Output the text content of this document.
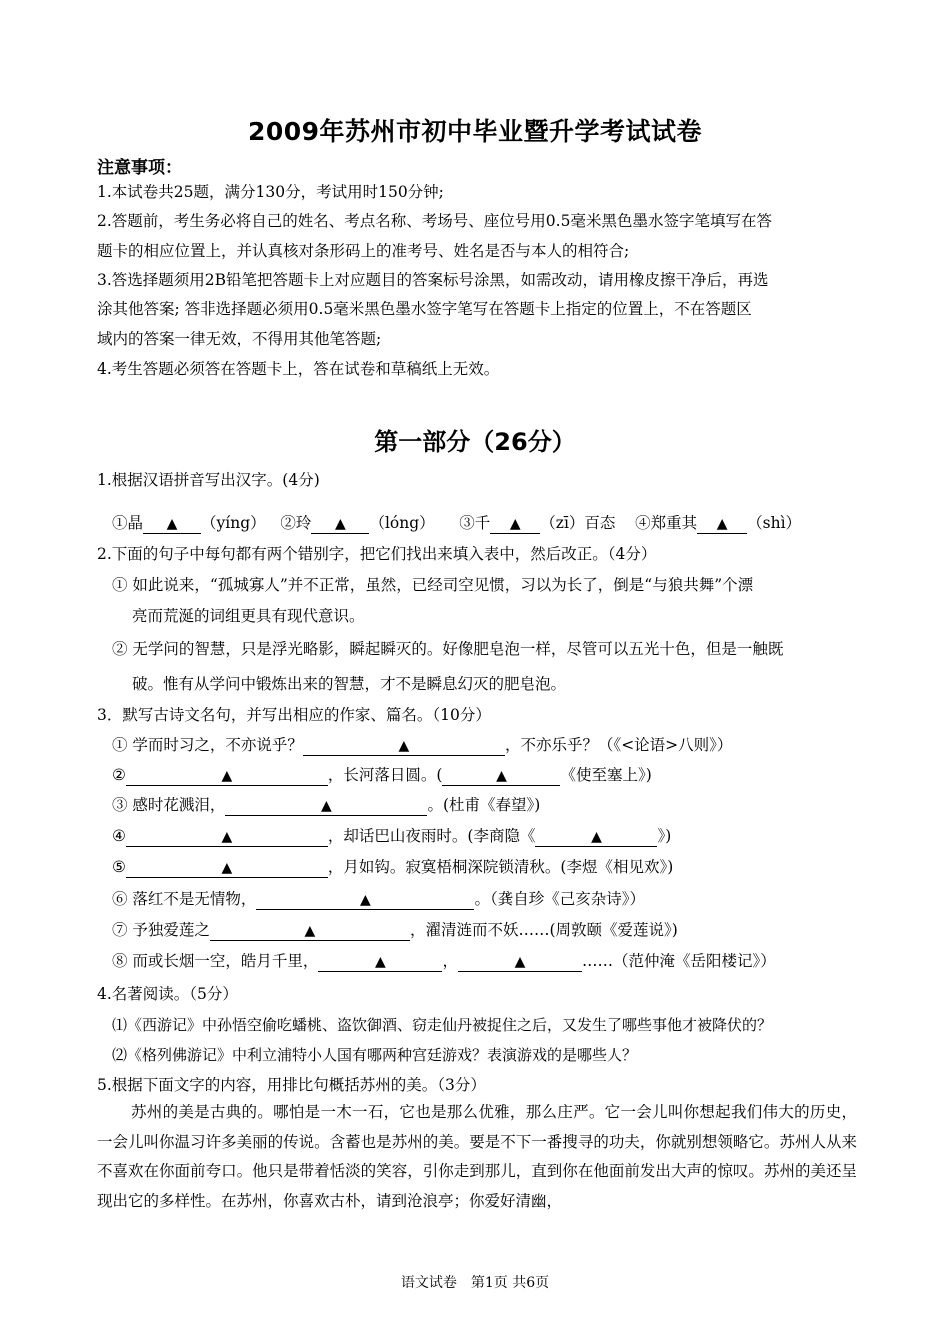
2009年苏州市初中毕业暨升学考试试卷
注意事项：
1.本试卷共25题，满分130分，考试用时150分钟;
2.答题前，考生务必将自己的姓名、考点名称、考场号、座位号用0.5毫米黑色墨水签字笔填写在答
题卡的相应位置上，并认真核对条形码上的准考号、姓名是否与本人的相符合;
3.答选择题须用2B铅笔把答题卡上对应题目的答案标号涂黑，如需改动，请用橡皮擦干净后，再选
涂其他答案; 答非选择题必须用0.5毫米黑色墨水签字笔写在答题卡上指定的位置上，不在答题区
域内的答案一律无效，不得用其他笔答题;
4.考生答题必须答在答题卡上，答在试卷和草稿纸上无效。
第一部分（26分）
1.根据汉语拼音写出汉字。(4分)
①晶 ▲ （yíng） ②玲 ▲ （lóng） ③千 ▲ （zī）百态 ④郑重其 ▲ （shì）
2.下面的句子中每句都有两个错别字，把它们找出来填入表中，然后改正。（4分）
① 如此说来，“孤城寡人”并不正常，虽然，已经司空见惯，习以为长了，倒是“与狼共舞”个漂
亮而荒涎的词组更具有现代意识。
② 无学问的智慧，只是浮光略影，瞬起瞬灭的。好像肥皂泡一样，尽管可以五光十色，但是一触既
破。惟有从学问中锻炼出来的智慧，才不是瞬息幻灭的肥皂泡。
3．默写古诗文名句，并写出相应的作家、篇名。（10分）
① 学而时习之，不亦说乎？	▲	，不亦乐乎？（《<论语>八则》）
②	▲	，长河落日圆。(	▲	《使至塞上》)
③ 感时花溅泪，	▲	。(杜甫《春望》)
④	▲	，却话巴山夜雨时。(李商隐《	▲	》)
⑤	▲	，月如钩。寂寞梧桐深院锁清秋。(李煜《相见欢》)
⑥ 落红不是无情物，	▲	。（龚自珍《己亥杂诗》）
⑦ 予独爱莲之	▲	，濯清涟而不妖……(周敦颐《爱莲说》)
⑧ 而或长烟一空，皓月千里，	▲	，	▲	……（范仲淹《岳阳楼记》）
4.名著阅读。（5分）
⑴《西游记》中孙悟空偷吃蟠桃、盗饮御酒、窃走仙丹被捉住之后，又发生了哪些事他才被降伏的？
⑵《格列佛游记》中利立浦特小人国有哪两种宫廷游戏？表演游戏的是哪些人？
5.根据下面文字的内容，用排比句概括苏州的美。（3分）
苏州的美是古典的。哪怕是一木一石，它也是那么优雅，那么庄严。它一会儿叫你想起我们伟大的历史，一会儿叫你温习许多美丽的传说。含蓄也是苏州的美。要是不下一番搜寻的功夫，你就别想领略它。苏州人从来不喜欢在你面前夸口。他只是带着恬淡的笑容，引你走到那儿，直到你在他面前发出大声的惊叹。苏州的美还呈现出它的多样性。在苏州，你喜欢古朴，请到沧浪亭；你爱好清幽，
语文试卷　第1页 共6页
